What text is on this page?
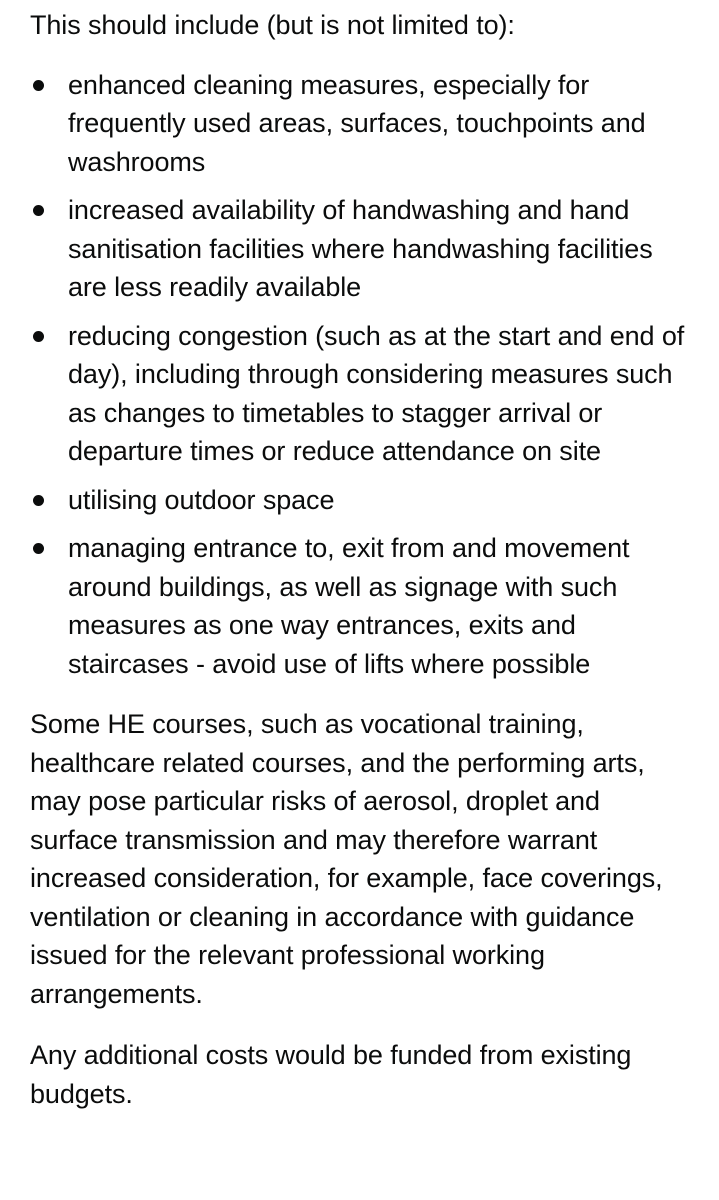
This should include (but is not limited to):

enhanced cleaning measures, especially for frequently used areas, surfaces, touchpoints and washrooms
increased availability of handwashing and hand sanitisation facilities where handwashing facilities are less readily available
reducing congestion (such as at the start and end of day), including through considering measures such as changes to timetables to stagger arrival or departure times or reduce attendance on site
utilising outdoor space
managing entrance to, exit from and movement around buildings, as well as signage with such measures as one way entrances, exits and staircases - avoid use of lifts where possible

Some HE courses, such as vocational training, healthcare related courses, and the performing arts, may pose particular risks of aerosol, droplet and surface transmission and may therefore warrant increased consideration, for example, face coverings, ventilation or cleaning in accordance with guidance issued for the relevant professional working arrangements.

Any additional costs would be funded from existing budgets.
